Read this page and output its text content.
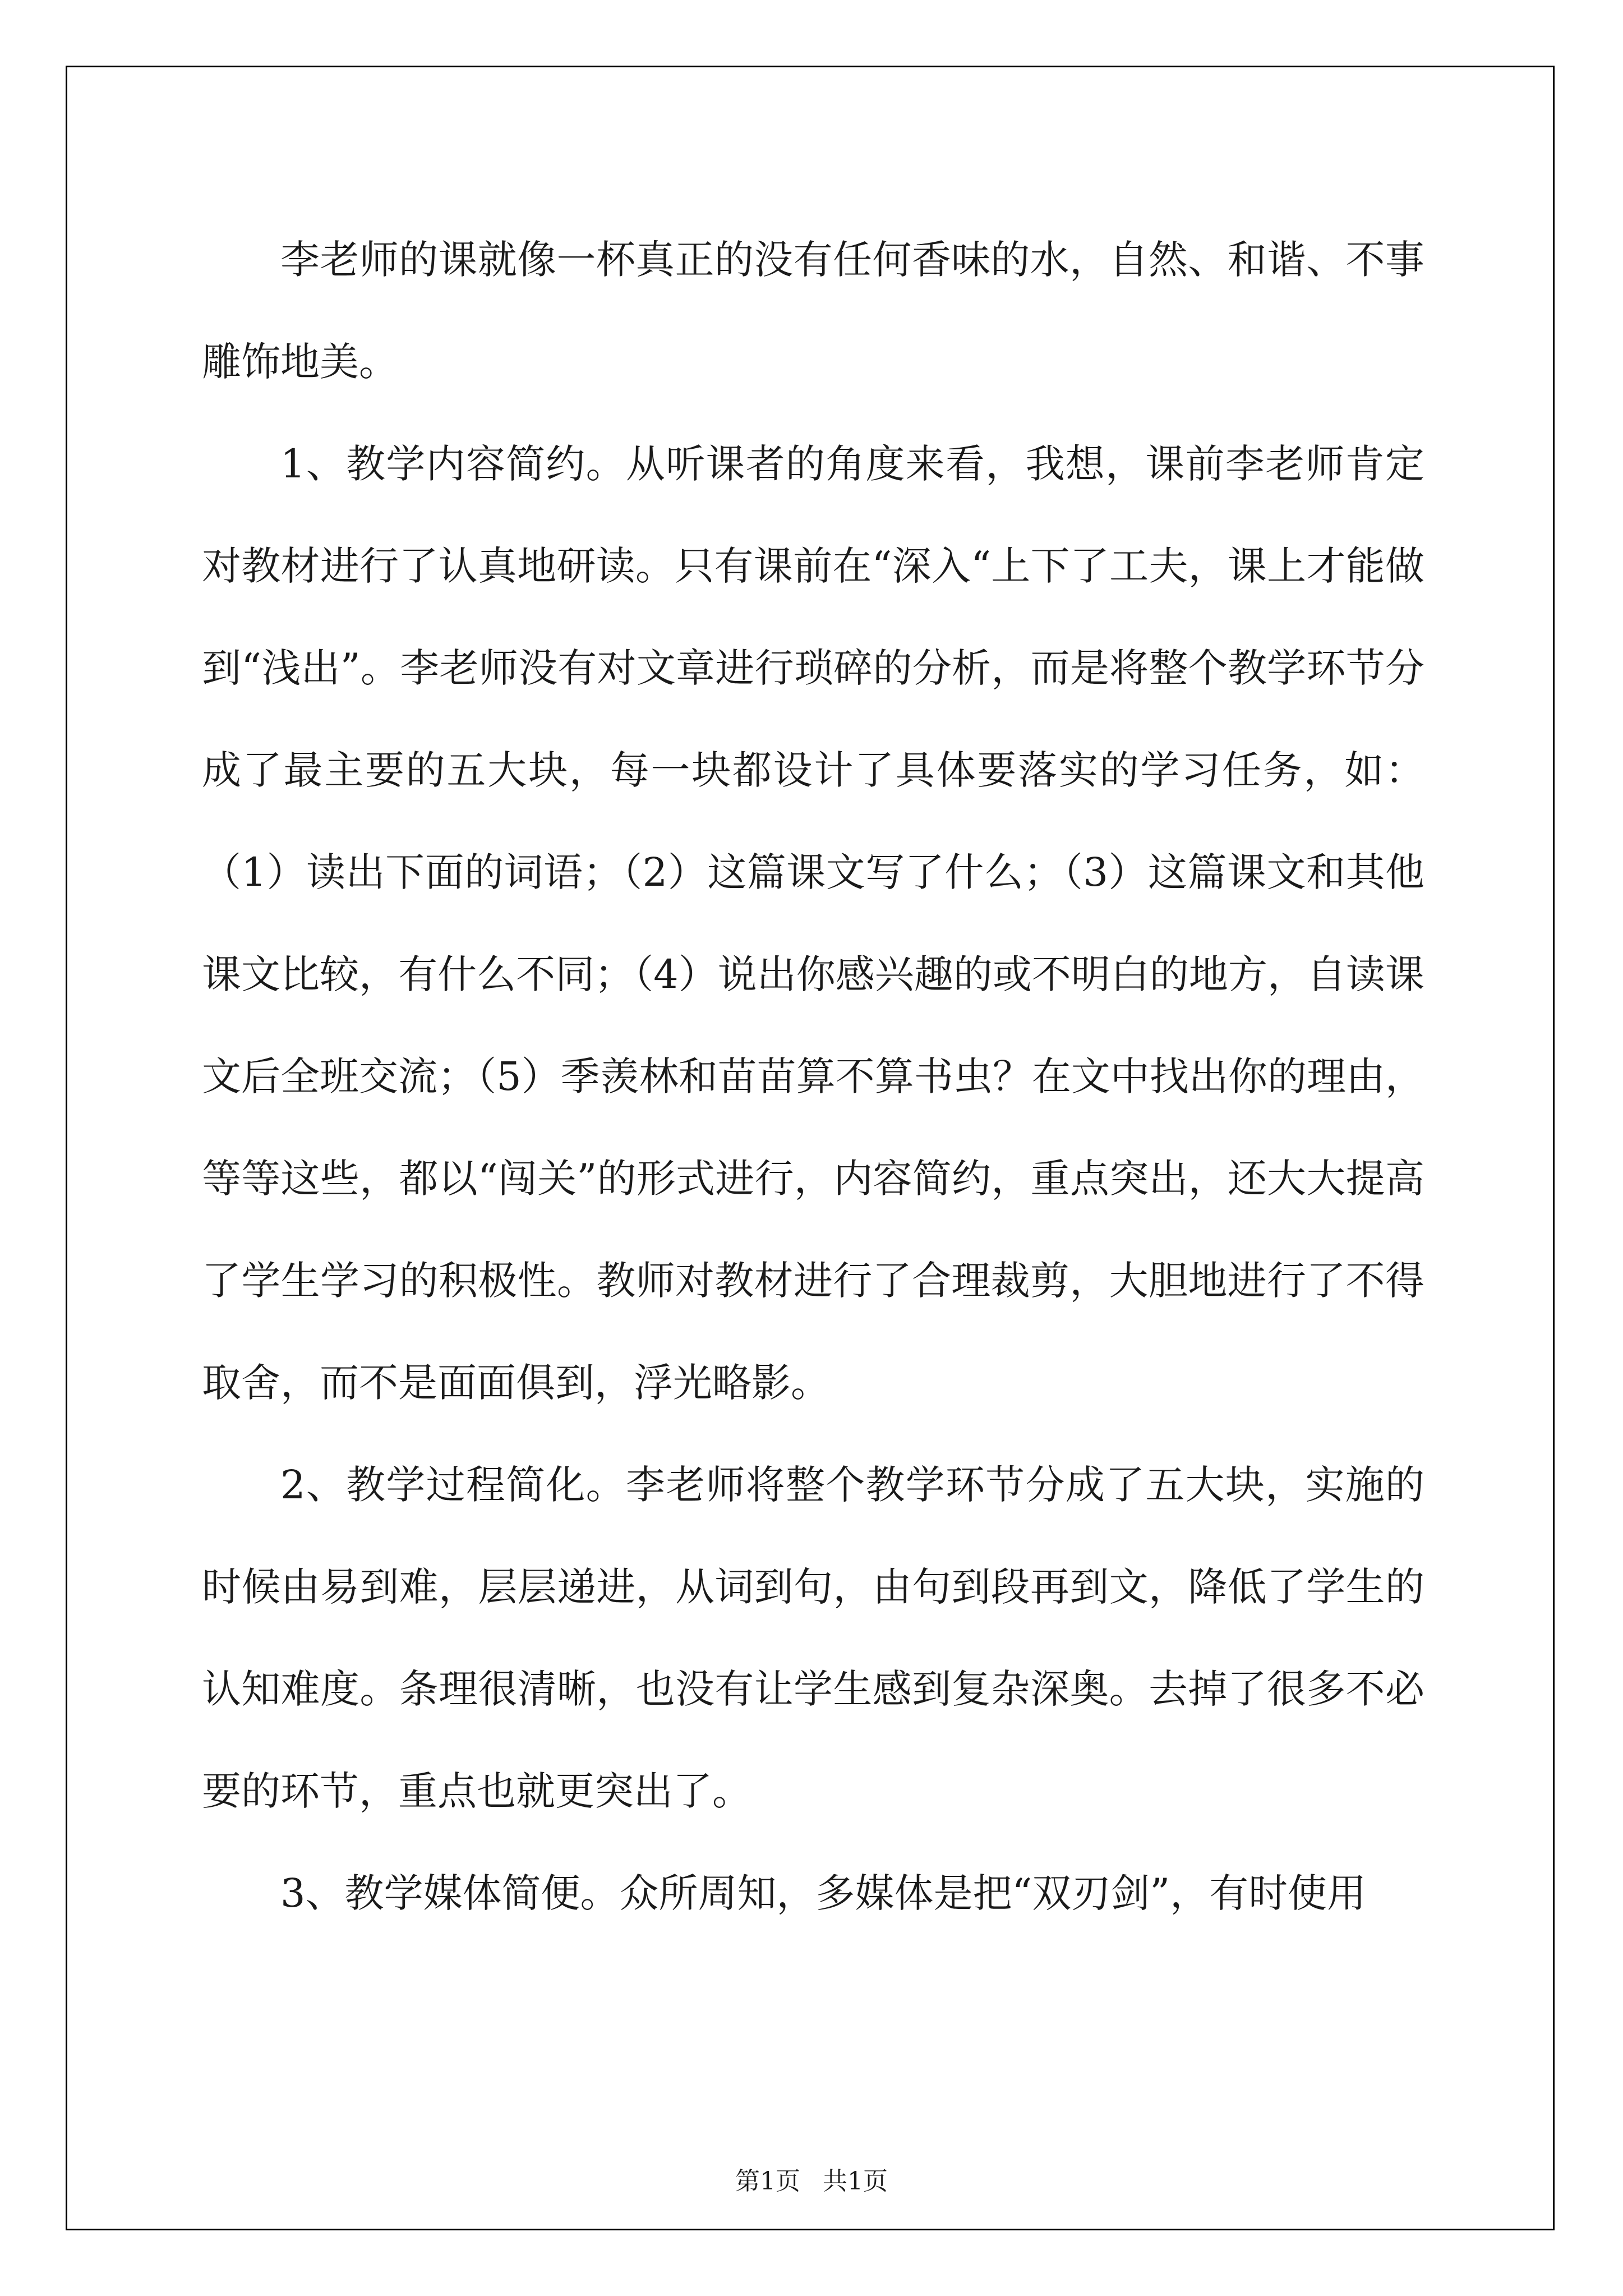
李老师的课就像一杯真正的没有任何香味的水，自然、和谐、不事雕饰地美。

1、教学内容简约。从听课者的角度来看，我想，课前李老师肯定对教材进行了认真地研读。只有课前在“深入“上下了工夫，课上才能做到“浅出”。李老师没有对文章进行琐碎的分析，而是将整个教学环节分成了最主要的五大块，每一块都设计了具体要落实的学习任务，如：（1）读出下面的词语；（2）这篇课文写了什么；（3）这篇课文和其他课文比较，有什么不同；（4）说出你感兴趣的或不明白的地方，自读课文后全班交流；（5）季羡林和苗苗算不算书虫？在文中找出你的理由，等等这些，都以“闯关”的形式进行，内容简约，重点突出，还大大提高了学生学习的积极性。教师对教材进行了合理裁剪，大胆地进行了不得取舍，而不是面面俱到，浮光略影。

2、教学过程简化。李老师将整个教学环节分成了五大块，实施的时候由易到难，层层递进，从词到句，由句到段再到文，降低了学生的认知难度。条理很清晰，也没有让学生感到复杂深奥。去掉了很多不必要的环节，重点也就更突出了。

3、教学媒体简便。众所周知，多媒体是把“双刃剑”，有时使用

第1页 共1页
